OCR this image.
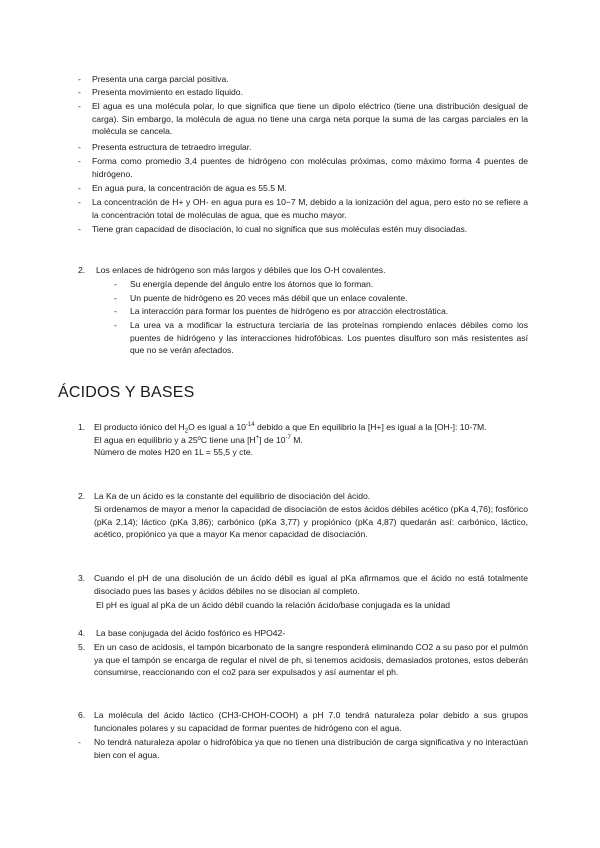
- Presenta una carga parcial positiva.
- Presenta movimiento en estado líquido.
- El agua es una molécula polar, lo que significa que tiene un dipolo eléctrico (tiene una distribución desigual de carga). Sin embargo, la molécula de agua no tiene una carga neta porque la suma de las cargas parciales en la molécula se cancela.
- Presenta estructura de tetraedro irregular.
- Forma como promedio 3,4 puentes de hidrógeno con moléculas próximas, como máximo forma 4 puentes de hidrógeno.
- En agua pura, la concentración de agua es 55.5 M.
- La concentración de H+ y OH- en agua pura es 10−7 M, debido a la ionización del agua, pero esto no se refiere a la concentración total de moléculas de agua, que es mucho mayor.
- Tiene gran capacidad de disociación, lo cual no significa que sus moléculas estén muy disociadas.
2. Los enlaces de hidrógeno son más largos y débiles que los O-H covalentes.
- Su energía depende del ángulo entre los átomos que lo forman.
- Un puente de hidrógeno es 20 veces más débil que un enlace covalente.
- La interacción para formar los puentes de hidrógeno es por atracción electrostática.
- La urea va a modificar la estructura terciaria de las proteínas rompiendo enlaces débiles como los puentes de hidrógeno y las interacciones hidrofóbicas. Los puentes disulfuro son más resistentes así que no se verán afectados.
ÁCIDOS Y BASES
1. El producto iónico del $H_2O$ es igual a $10^{-14}$ debido a que En equilibrio la [H+] es igual a la [OH-]: 10-7M.
El agua en equilibrio y a 25ºC tiene una [H+] de $10^{-7}$ M.
Número de moles H20 en 1L = 55,5 y cte.
2. La Ka de un ácido es la constante del equilibrio de disociación del ácido.
Si ordenamos de mayor a menor la capacidad de disociación de estos ácidos débiles acético (pKa 4,76); fosfórico (pKa 2,14); láctico (pKa 3,86); carbónico (pKa 3,77) y propiónico (pKa 4,87) quedarán así: carbónico, láctico, acético, propiónico ya que a mayor Ka menor capacidad de disociación.
3. Cuando el pH de una disolución de un ácido débil es igual al pKa afirmamos que el ácido no está totalmente disociado pues las bases y ácidos débiles no se disocian al completo.
El pH es igual al pKa de un ácido débil cuando la relación ácido/base conjugada es la unidad
4. La base conjugada del ácido fosfórico es HPO42-
5. En un caso de acidosis, el tampón bicarbonato de la sangre responderá eliminando CO2 a su paso por el pulmón ya que el tampón se encarga de regular el nivel de ph, si tenemos acidosis, demasiados protones, estos deberán consumirse, reaccionando con el co2 para ser expulsados y así aumentar el ph.
6. La molécula del ácido láctico (CH3-CHOH-COOH) a pH 7.0 tendrá naturaleza polar debido a sus grupos funcionales polares y su capacidad de formar puentes de hidrógeno con el agua.
- No tendrá naturaleza apolar o hidrofóbica ya que no tienen una distribución de carga significativa y no interactúan bien con el agua.
